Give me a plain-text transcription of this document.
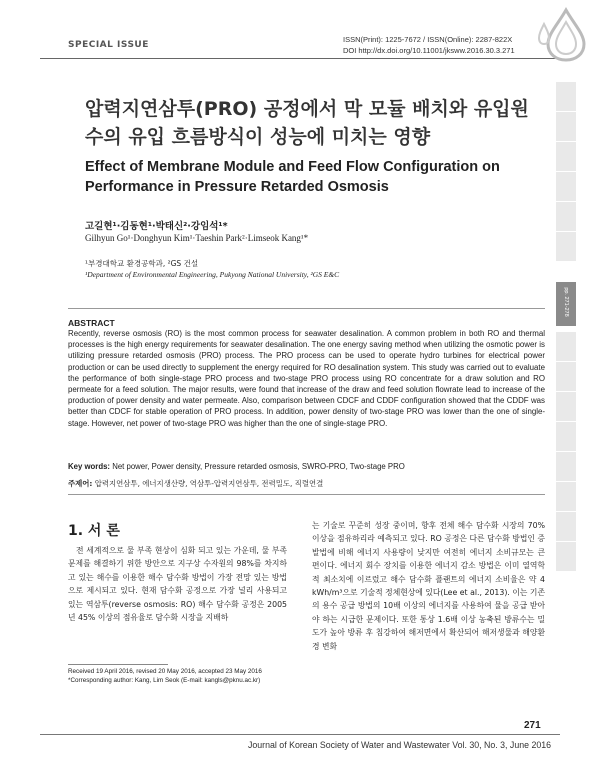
SPECIAL ISSUE
ISSN(Print): 1225-7672 / ISSN(Online): 2287-822X
DOI http://dx.doi.org/10.11001/jksww.2016.30.3.271
압력지연삼투(PRO) 공정에서 막 모듈 배치와 유입원수의 유입 흐름방식이 성능에 미치는 영향
Effect of Membrane Module and Feed Flow Configuration on Performance in Pressure Retarded Osmosis
고길현¹·김동현¹·박태신²·강임석¹*
Gilhyun Go¹·Donghyun Kim¹·Taeshin Park²·Limseok Kang¹*
¹부경대학교 환경공학과, ²GS 건설
¹Department of Environmental Engineering, Pukyong National University, ²GS E&C
ABSTRACT
Recently, reverse osmosis (RO) is the most common process for seawater desalination. A common problem in both RO and thermal processes is the high energy requirements for seawater desalination. The one energy saving method when utilizing the osmotic power is utilizing pressure retarded osmosis (PRO) process. The PRO process can be used to operate hydro turbines for electrical power production or can be used directly to supplement the energy required for RO desalination system. This study was carried out to evaluate the performance of both single-stage PRO process and two-stage PRO process using RO concentrate for a draw solution and RO permeate for a feed solution. The major results, were found that increase of the draw and feed solution flowrate lead to increase of the production of power density and water permeate. Also, comparison between CDCF and CDDF configuration showed that the CDDF was better than CDCF for stable operation of PRO process. In addition, power density of two-stage PRO was lower than the one of single-stage. However, net power of two-stage PRO was higher than the one of single-stage PRO.
Key words: Net power, Power density, Pressure retarded osmosis, SWRO-PRO, Two-stage PRO
주제어: 압력지연삼투, 에너지생산량, 역삼투-압력지연삼투, 전력밀도, 직렬연결
1. 서 론
전 세계적으로 물 부족 현상이 심화 되고 있는 가운데, 물 부족 문제를 해결하기 위한 방안으로 지구상 수자원의 98%를 차지하고 있는 해수를 이용한 해수 담수화 방법이 가장 전망 있는 방법으로 제시되고 있다. 현재 담수화 공정으로 가장 널리 사용되고 있는 역삼투(reverse osmosis: RO) 해수 담수화 공정은 2005년 45% 이상의 점유율로 담수화 시장을 지배하
는 기술로 꾸준히 성장 중이며, 향후 전체 해수 담수화 시장의 70% 이상을 점유하리라 예측되고 있다. RO 공정은 다른 담수화 방법인 증발법에 비해 에너지 사용량이 낮지만 여전히 에너지 소비규모는 큰 편이다. 에너지 회수 장치를 이용한 에너지 감소 방법은 이미 열역학적 최소치에 이르렀고 해수 담수화 플랜트의 에너지 소비율은 약 4 kWh/m³으로 기술적 정체현상에 있다(Lee et al., 2013). 이는 기존의 용수 공급 방법의 10배 이상의 에너지를 사용하여 물을 공급 받아야 하는 시급한 문제이다. 또한 통상 1.6배 이상 농축된 방류수는 밀도가 높아 방류 후 침강하여 해저면에서 확산되어 해저생물과 해양환경 변화
Received 19 April 2016, revised 20 May 2016, accepted 23 May 2016
*Corresponding author: Kang, Lim Seok (E-mail: kangls@pknu.ac.kr)
271
Journal of Korean Society of Water and Wastewater Vol. 30, No. 3, June 2016
pp. 271-278
